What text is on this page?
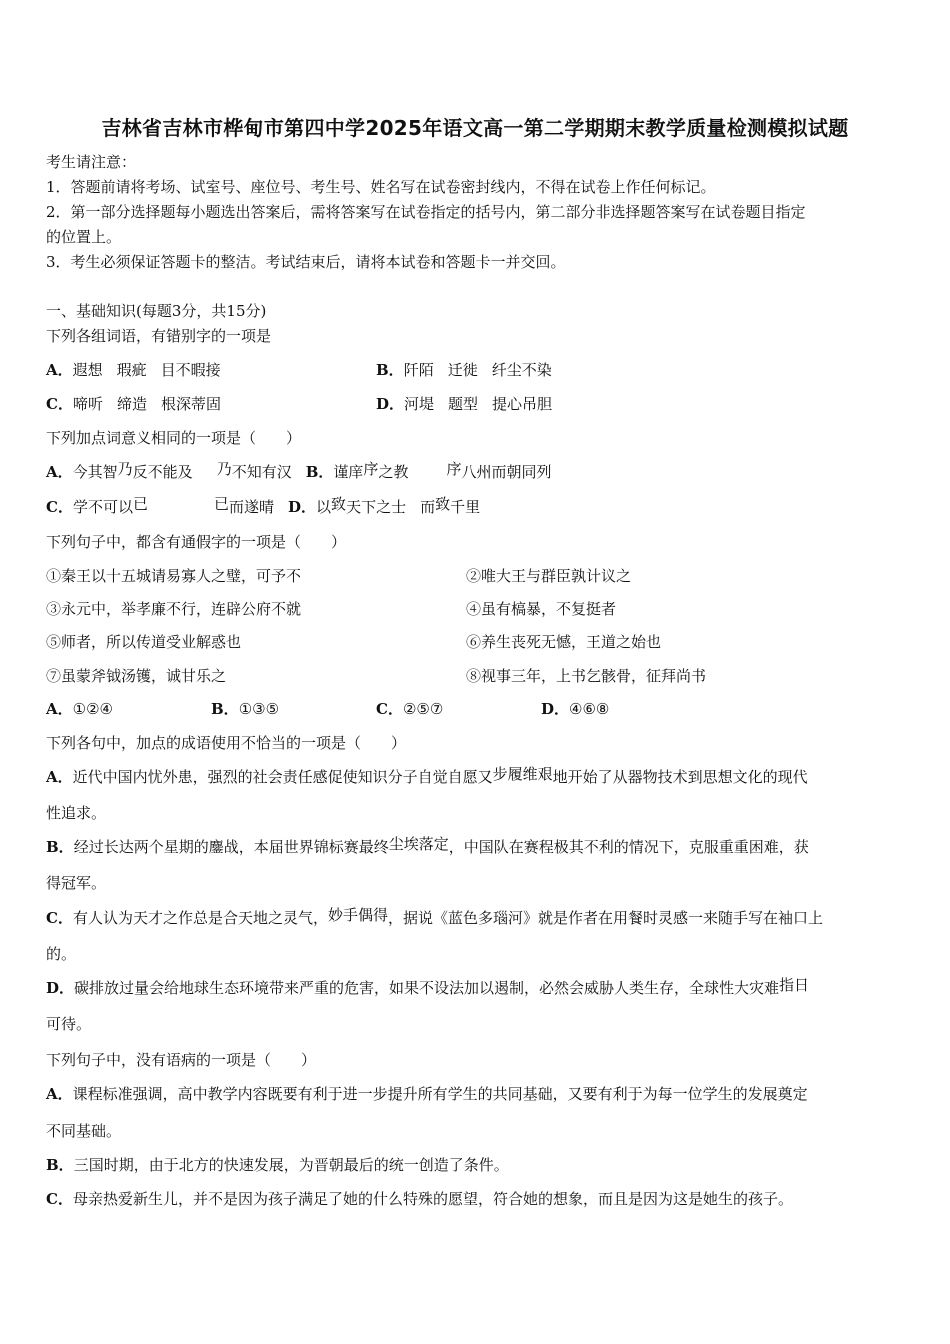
吉林省吉林市桦甸市第四中学2025年语文高一第二学期期末教学质量检测模拟试题
考生请注意：
1．答题前请将考场、试室号、座位号、考生号、姓名写在试卷密封线内，不得在试卷上作任何标记。
2．第一部分选择题每小题选出答案后，需将答案写在试卷指定的括号内，第二部分非选择题答案写在试卷题目指定
的位置上。
3．考生必须保证答题卡的整洁。考试结束后，请将本试卷和答题卡一并交回。
一、基础知识(每题3分，共15分)
下列各组词语，有错别字的一项是
A．遐想 瑕疵 目不暇接	B．阡陌 迁徙 纤尘不染
C．啼听 缔造 根深蒂固	D．河堤 题型 提心吊胆
下列加点词意义相同的一项是（　　）
A．今其智乃反不能及 乃不知有汉 B．谨庠序之教	序八州而朝同列
C．学不可以已	已而遂晴 D．以致天下之士 而致千里
下列句子中，都含有通假字的一项是（　　）
①秦王以十五城请易寡人之璧，可予不	②唯大王与群臣孰计议之
③永元中，举孝廉不行，连辟公府不就	④虽有槁暴，不复挺者
⑤师者，所以传道受业解惑也	⑥养生丧死无憾，王道之始也
⑦虽蒙斧钺汤镬，诚甘乐之	⑧视事三年，上书乞骸骨，征拜尚书
A．①②④	B．①③⑤	C．②⑤⑦	D．④⑥⑧
下列各句中，加点的成语使用不恰当的一项是（　　）
A．近代中国内忧外患，强烈的社会责任感促使知识分子自觉自愿又步履维艰地开始了从器物技术到思想文化的现代
性追求。
B．经过长达两个星期的鏖战，本届世界锦标赛最终尘埃落定，中国队在赛程极其不利的情况下，克服重重困难，获
得冠军。
C．有人认为天才之作总是合天地之灵气，妙手偶得，据说《蓝色多瑙河》就是作者在用餐时灵感一来随手写在袖口上
的。
D．碳排放过量会给地球生态环境带来严重的危害，如果不设法加以遏制，必然会威胁人类生存，全球性大灾难指日
可待。
下列句子中，没有语病的一项是（　　）
A．课程标准强调，高中教学内容既要有利于进一步提升所有学生的共同基础，又要有利于为每一位学生的发展奠定
不同基础。
B．三国时期，由于北方的快速发展，为晋朝最后的统一创造了条件。
C．母亲热爱新生儿，并不是因为孩子满足了她的什么特殊的愿望，符合她的想象，而且是因为这是她生的孩子。
